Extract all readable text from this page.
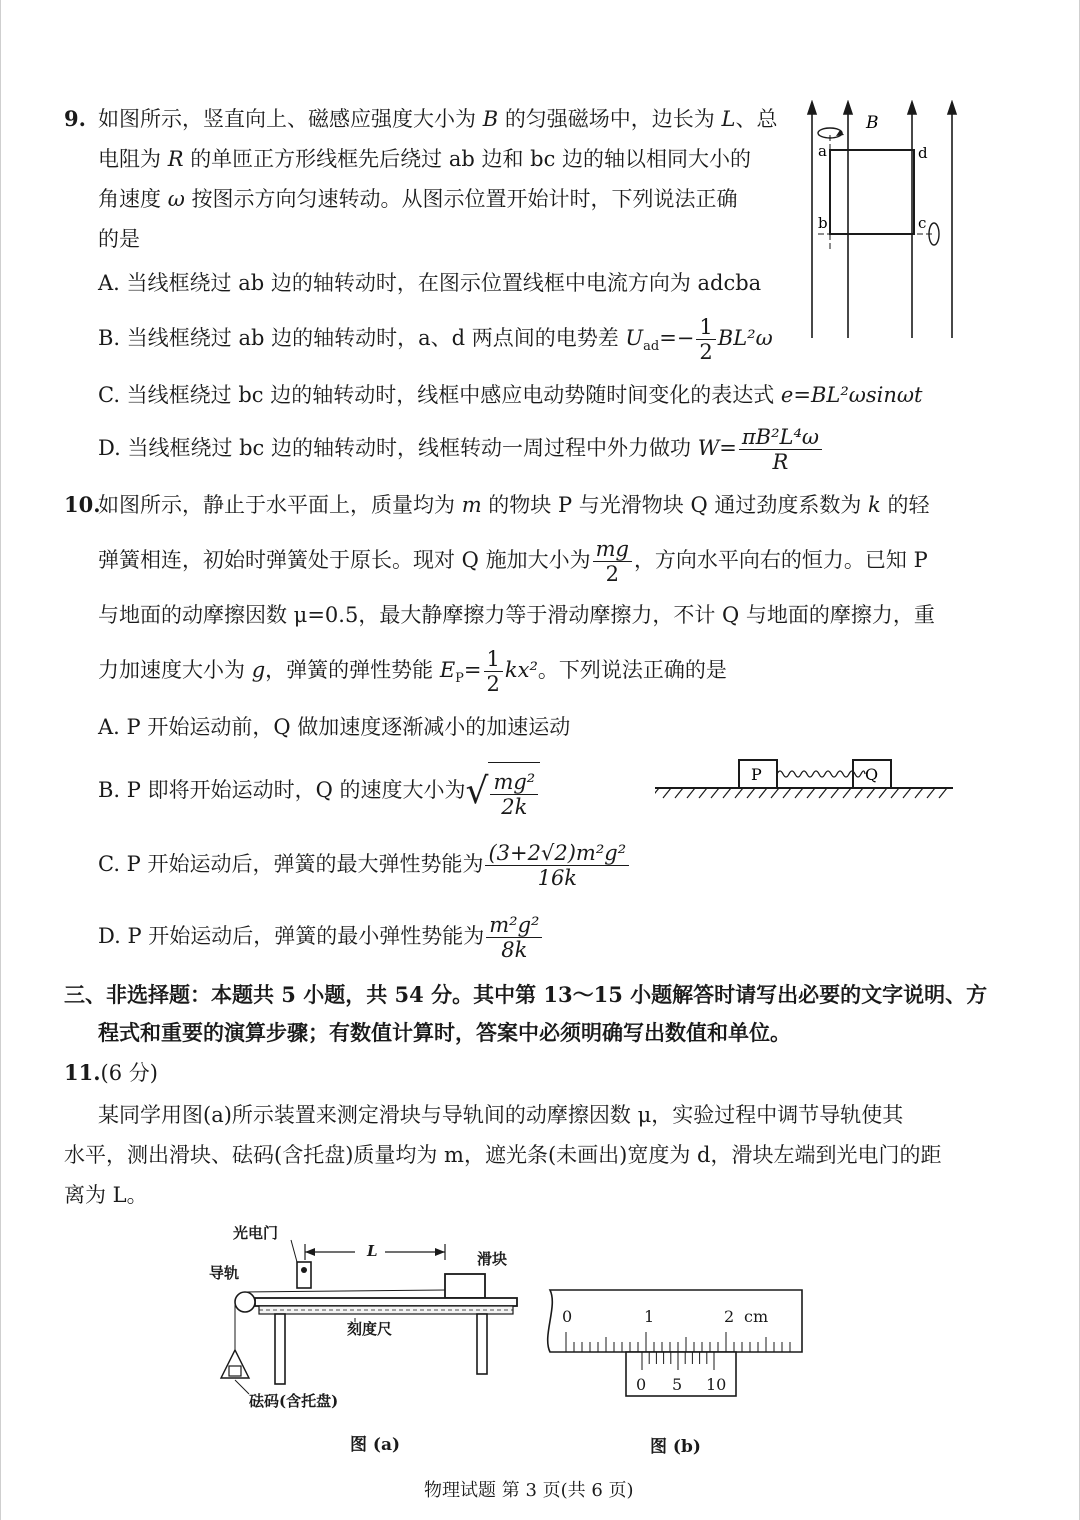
9. 如图所示，竖直向上、磁感应强度大小为 B 的匀强磁场中，边长为 L、总
电阻为 R 的单匝正方形线框先后绕过 ab 边和 bc 边的轴以相同大小的
角速度 ω 按图示方向匀速转动。从图示位置开始计时，下列说法正确
的是
A. 当线框绕过 ab 边的轴转动时，在图示位置线框中电流方向为 adcba
B. 当线框绕过 ab 边的轴转动时，a、d 两点间的电势差 $U_{ad}=- \frac{1}{2} BL^2\omega$
C. 当线框绕过 bc 边的轴转动时，线框中感应电动势随时间变化的表达式 e=BL²ωsinωt
D. 当线框绕过 bc 边的轴转动时，线框转动一周过程中外力做功 $W= \frac{\text{πB²L⁴ω}}{R}$
B
a
b	c
d
10.
如图所示，静止于水平面上，质量均为 m 的物块 P 与光滑物块 Q 通过劲度系数为 k 的轻
弹簧相连，初始时弹簧处于原长。现对 Q 施加大小为 $\frac{mg}{2}$ ，方向水平向右的恒力。已知 P
与地面的动摩擦因数 μ=0.5，最大静摩擦力等于滑动摩擦力，不计 Q 与地面的摩擦力，重
力加速度大小为 g，弹簧的弹性势能 $E_P= \frac{1}{2} kx^2$。下列说法正确的是
A. P 开始运动前，Q 做加速度逐渐减小的加速运动
B. P 即将开始运动时，Q 的速度大小为√ $\frac{\text{mg²}}{2k}$
C. P 开始运动后，弹簧的最大弹性势能为 $\frac{\text{(3+2√2)m²g²}}{16k}$
D. P 开始运动后，弹簧的最小弹性势能为 $\frac{\text{m²g²}}{8k}$
P	Q
三、非选择题：本题共 5 小题，共 54 分。其中第 13～15 小题解答时请写出必要的文字说明、方
程式和重要的演算步骤；有数值计算时，答案中必须明确写出数值和单位。
11.(6 分)
某同学用图(a)所示装置来测定滑块与导轨间的动摩擦因数 μ，实验过程中调节导轨使其
水平，测出滑块、砝码(含托盘)质量均为 m，遮光条(未画出)宽度为 d，滑块左端到光电门的距
离为 L。
光电门
导轨
滑块
刻度尺
砝码(含托盘)
L
图 (a)
0	1	2 cm
0 5 10
图 (b)
物理试题 第 3 页(共 6 页)
